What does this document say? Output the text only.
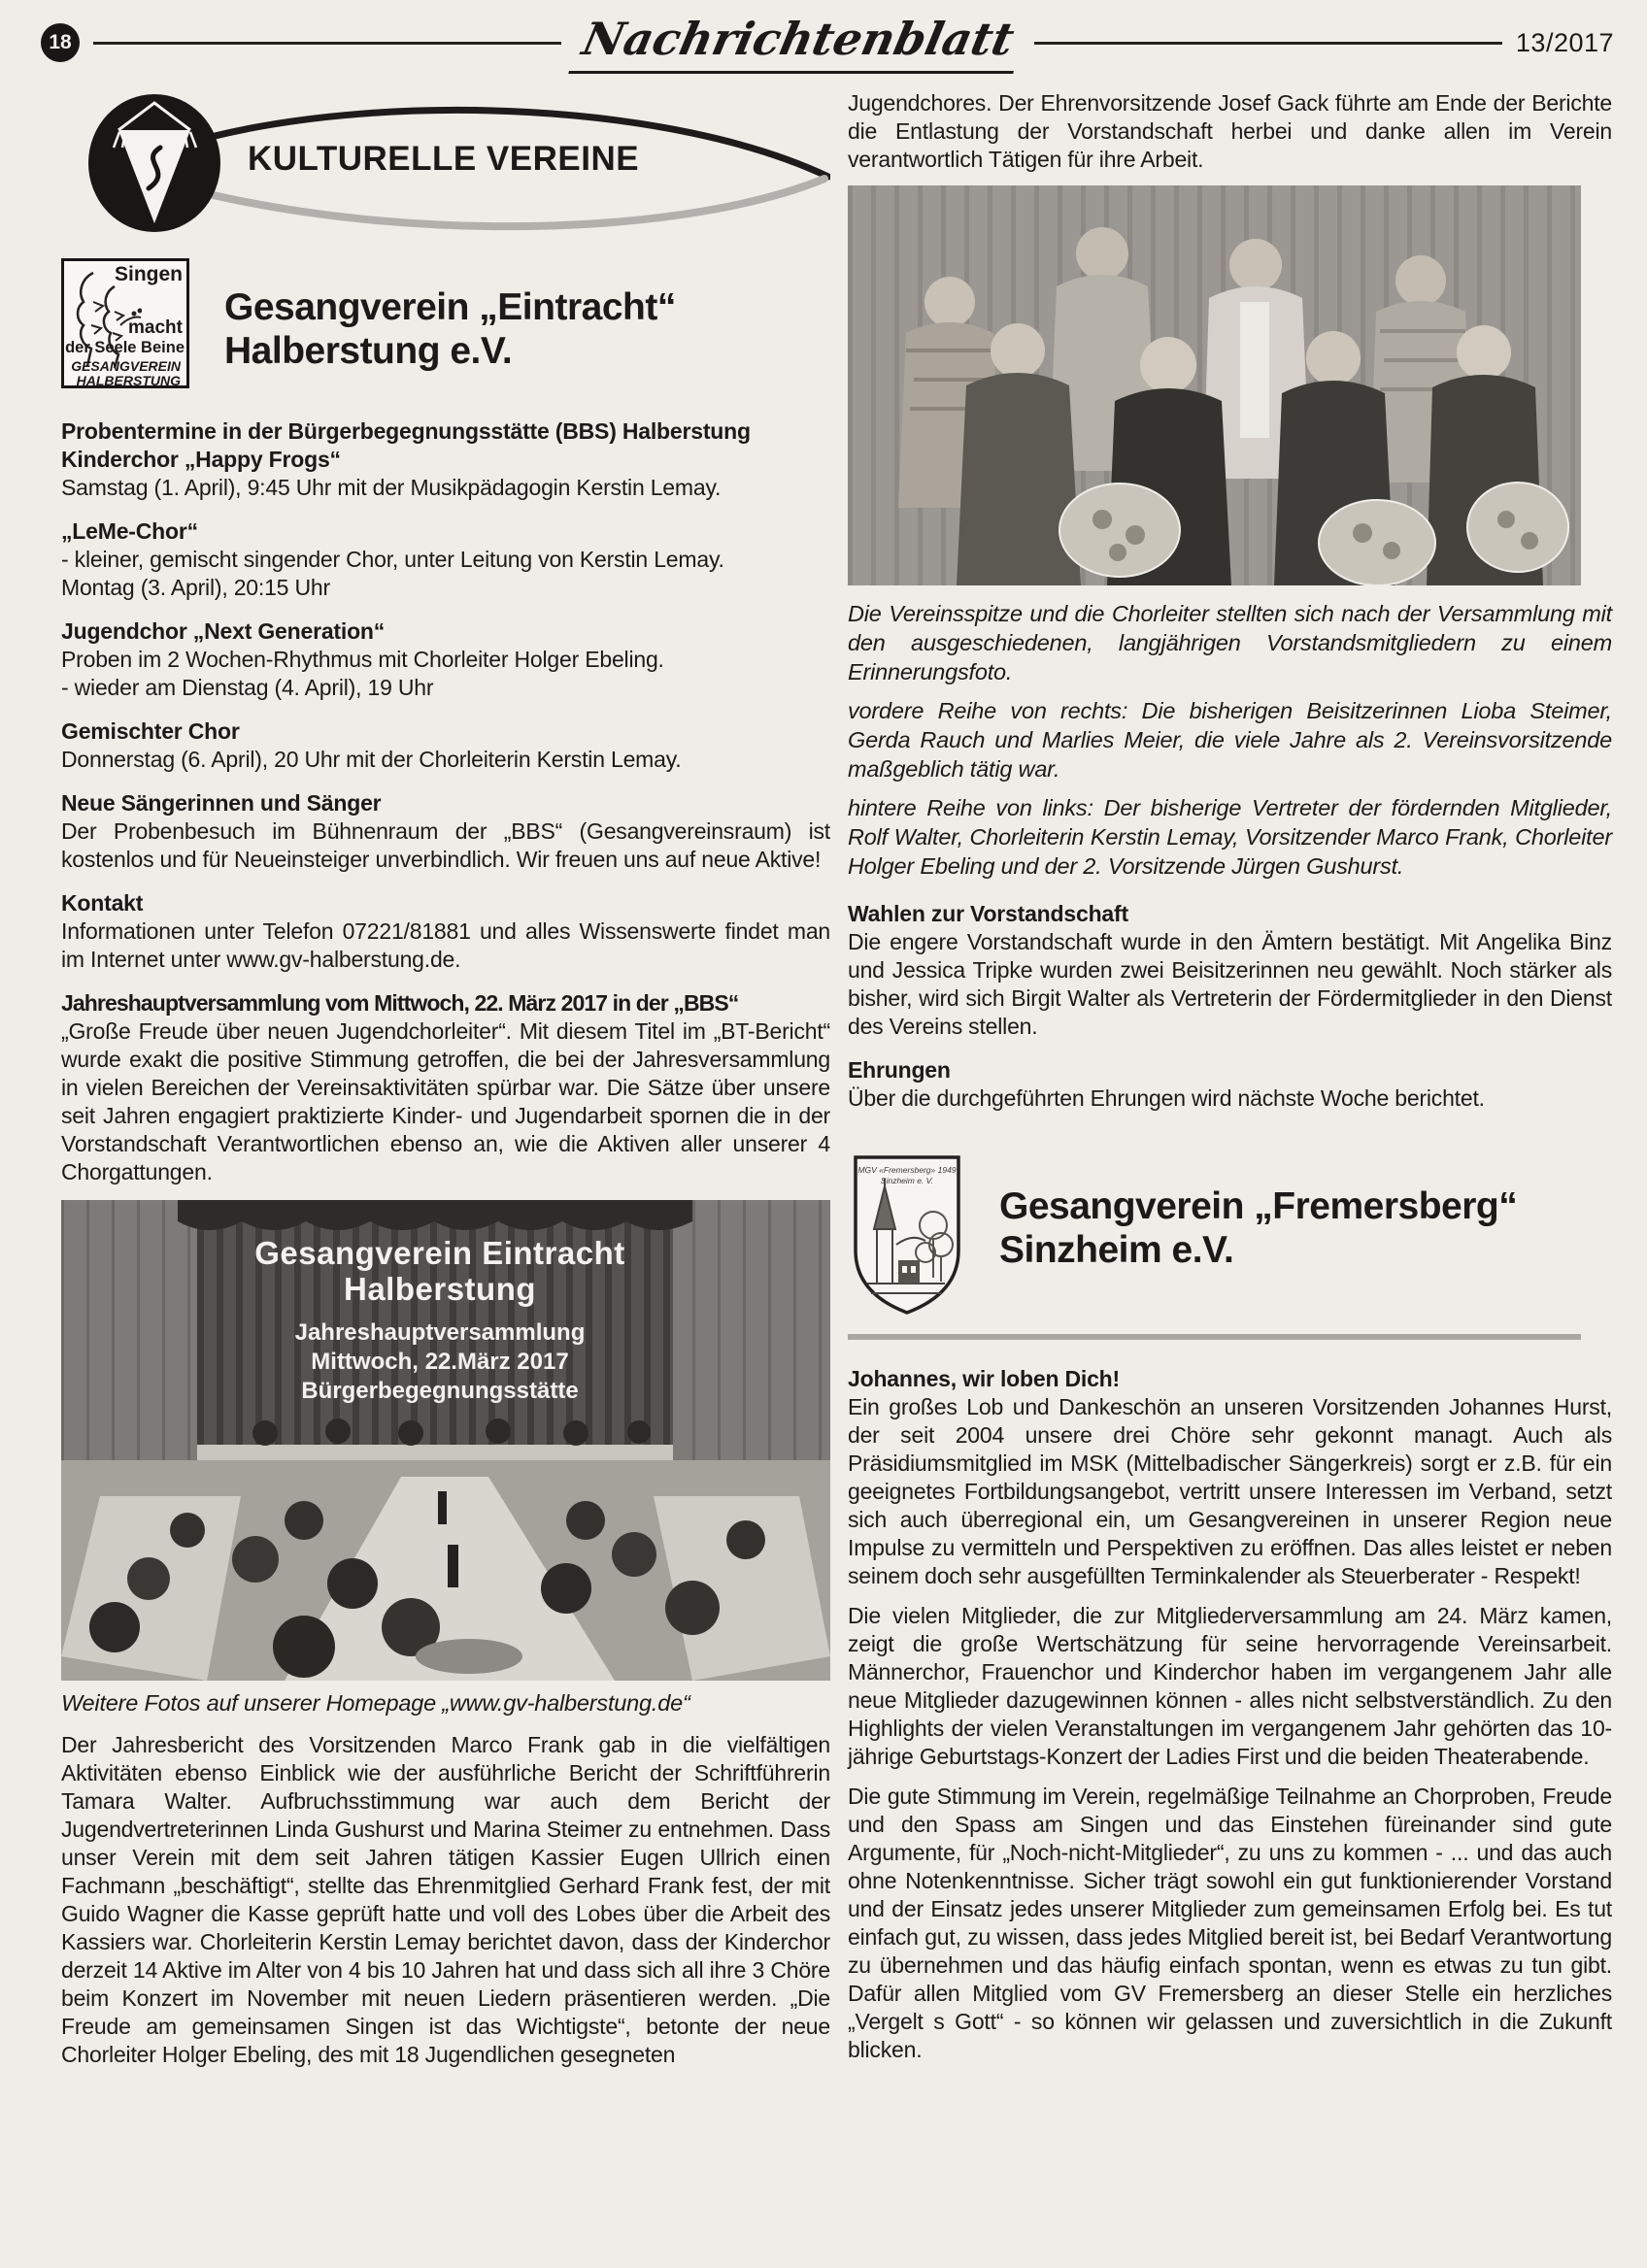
18	Nachrichtenblatt	13/2017
KULTURELLE VEREINE
Singen
macht
der Seele Beine
GESANGVEREIN
HALBERSTUNG
Gesangverein „Eintracht“
Halberstung e.V.

Probentermine in der Bürgerbegegnungsstätte (BBS) Halberstung

Kinderchor „Happy Frogs“

Samstag (1. April), 9:45 Uhr mit der Musikpädagogin Kerstin Lemay.

„LeMe-Chor“

- kleiner, gemischt singender Chor, unter Leitung von Kerstin Lemay.

Montag (3. April), 20:15 Uhr

Jugendchor „Next Generation“

Proben im 2 Wochen-Rhythmus mit Chorleiter Holger Ebeling.

- wieder am Dienstag (4. April), 19 Uhr

Gemischter Chor

Donnerstag (6. April), 20 Uhr mit der Chorleiterin Kerstin Lemay.

Neue Sängerinnen und Sänger

Der Probenbesuch im Bühnenraum der „BBS“ (Gesangvereinsraum) ist kostenlos und für Neueinsteiger unverbindlich. Wir freuen uns auf neue Aktive!

Kontakt

Informationen unter Telefon 07221/81881 und alles Wissenswerte findet man im Internet unter www.gv-halberstung.de.

Jahreshauptversammlung vom Mittwoch, 22. März 2017 in der „BBS“

„Große Freude über neuen Jugendchorleiter“. Mit diesem Titel im „BT-Bericht“ wurde exakt die positive Stimmung getroffen, die bei der Jahresversammlung in vielen Bereichen der Vereinsaktivitäten spürbar war. Die Sätze über unsere seit Jahren engagiert praktizierte Kinder- und Jugendarbeit spornen die in der Vorstandschaft Verantwortlichen ebenso an, wie die Aktiven aller unserer 4 Chorgattungen.

Gesangverein Eintracht
Halberstung
Jahreshauptversammlung
Mittwoch, 22.März 2017
Bürgerbegegnungsstätte

Weitere Fotos auf unserer Homepage „www.gv-halberstung.de“

Der Jahresbericht des Vorsitzenden Marco Frank gab in die vielfältigen Aktivitäten ebenso Einblick wie der ausführliche Bericht der Schriftführerin Tamara Walter. Aufbruchsstimmung war auch dem Bericht der Jugendvertreterinnen Linda Gushurst und Marina Steimer zu entnehmen. Dass unser Verein mit dem seit Jahren tätigen Kassier Eugen Ullrich einen Fachmann „beschäftigt“, stellte das Ehrenmitglied Gerhard Frank fest, der mit Guido Wagner die Kasse geprüft hatte und voll des Lobes über die Arbeit des Kassiers war. Chorleiterin Kerstin Lemay berichtet davon, dass der Kinderchor derzeit 14 Aktive im Alter von 4 bis 10 Jahren hat und dass sich all ihre 3 Chöre beim Konzert im November mit neuen Liedern präsentieren werden. „Die Freude am gemeinsamen Singen ist das Wichtigste“, betonte der neue Chorleiter Holger Ebeling, des mit 18 Jugendlichen gesegneten

Jugendchores. Der Ehrenvorsitzende Josef Gack führte am Ende der Berichte die Entlastung der Vorstandschaft herbei und danke allen im Verein verantwortlich Tätigen für ihre Arbeit.

Die Vereinsspitze und die Chorleiter stellten sich nach der Versammlung mit den ausgeschiedenen, langjährigen Vorstandsmitgliedern zu einem Erinnerungsfoto.

vordere Reihe von rechts: Die bisherigen Beisitzerinnen Lioba Steimer, Gerda Rauch und Marlies Meier, die viele Jahre als 2. Vereinsvorsitzende maßgeblich tätig war.

hintere Reihe von links: Der bisherige Vertreter der fördernden Mitglieder, Rolf Walter, Chorleiterin Kerstin Lemay, Vorsitzender Marco Frank, Chorleiter Holger Ebeling und der 2. Vorsitzende Jürgen Gushurst.

Wahlen zur Vorstandschaft

Die engere Vorstandschaft wurde in den Ämtern bestätigt. Mit Angelika Binz und Jessica Tripke wurden zwei Beisitzerinnen neu gewählt. Noch stärker als bisher, wird sich Birgit Walter als Vertreterin der Fördermitglieder in den Dienst des Vereins stellen.

Ehrungen

Über die durchgeführten Ehrungen wird nächste Woche berichtet.

MGV «Fremersberg» 1949
Sinzheim e. V.
Gesangverein „Fremersberg“
Sinzheim e.V.

Johannes, wir loben Dich!

Ein großes Lob und Dankeschön an unseren Vorsitzenden Johannes Hurst, der seit 2004 unsere drei Chöre sehr gekonnt managt. Auch als Präsidiumsmitglied im MSK (Mittelbadischer Sängerkreis) sorgt er z.B. für ein geeignetes Fortbildungsangebot, vertritt unsere Interessen im Verband, setzt sich auch überregional ein, um Gesangvereinen in unserer Region neue Impulse zu vermitteln und Perspektiven zu eröffnen. Das alles leistet er neben seinem doch sehr ausgefüllten Terminkalender als Steuerberater - Respekt!

Die vielen Mitglieder, die zur Mitgliederversammlung am 24. März kamen, zeigt die große Wertschätzung für seine hervorragende Vereinsarbeit. Männerchor, Frauenchor und Kinderchor haben im vergangenem Jahr alle neue Mitglieder dazugewinnen können - alles nicht selbstverständlich. Zu den Highlights der vielen Veranstaltungen im vergangenem Jahr gehörten das 10-jährige Geburtstags-Konzert der Ladies First und die beiden Theaterabende.

Die gute Stimmung im Verein, regelmäßige Teilnahme an Chorproben, Freude und den Spass am Singen und das Einstehen füreinander sind gute Argumente, für „Noch-nicht-Mitglieder“, zu uns zu kommen - ... und das auch ohne Notenkenntnisse. Sicher trägt sowohl ein gut funktionierender Vorstand und der Einsatz jedes unserer Mitglieder zum gemeinsamen Erfolg bei. Es tut einfach gut, zu wissen, dass jedes Mitglied bereit ist, bei Bedarf Verantwortung zu übernehmen und das häufig einfach spontan, wenn es etwas zu tun gibt. Dafür allen Mitglied vom GV Fremersberg an dieser Stelle ein herzliches „Vergelt s Gott“ - so können wir gelassen und zuversichtlich in die Zukunft blicken.
